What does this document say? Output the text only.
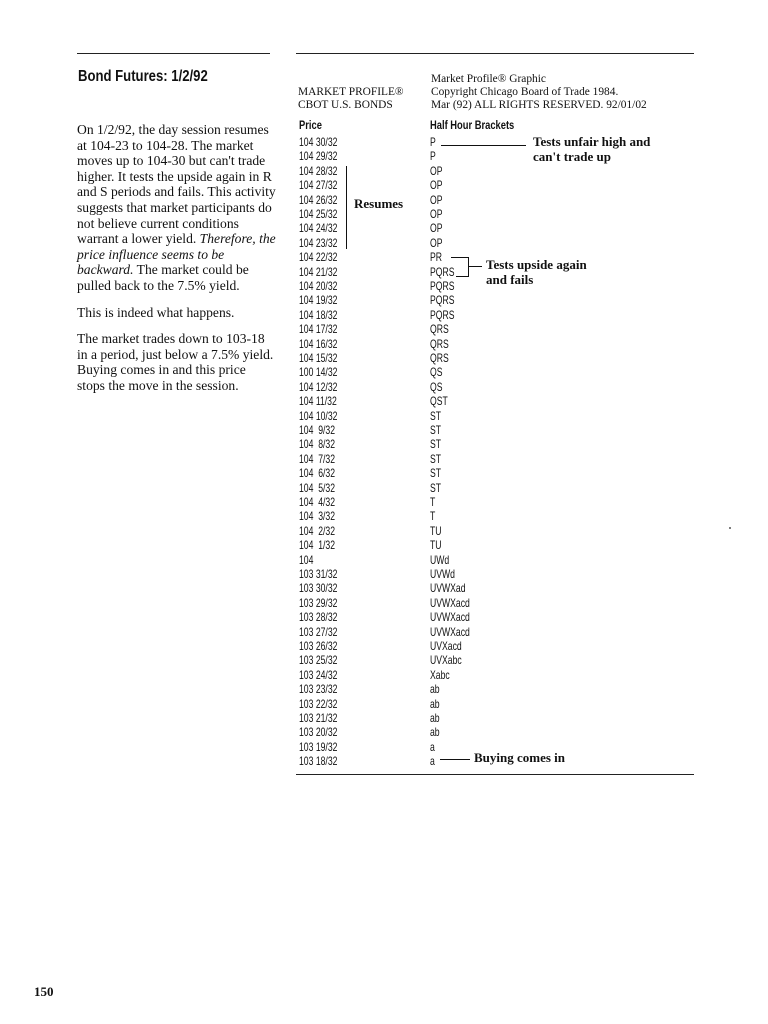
Bond Futures: 1/2/92

On 1/2/92, the day session resumes at 104-23 to 104-28. The market moves up to 104-30 but can't trade higher. It tests the upside again in R and S periods and fails. This activity suggests that market participants do not believe current conditions warrant a lower yield. Therefore, the price influence seems to be backward. The market could be pulled back to the 7.5% yield.

This is indeed what happens.

The market trades down to 103-18 in a period, just below a 7.5% yield. Buying comes in and this price stops the move in the session.

MARKET PROFILE®
CBOT U.S. BONDS
Market Profile® Graphic
Copyright Chicago Board of Trade 1984.
Mar (92) ALL RIGHTS RESERVED. 92/01/02
Price	Half Hour Brackets
104 30/32	P
104 29/32	P
104 28/32	OP
104 27/32	OP
104 26/32	OP
104 25/32	OP
104 24/32	OP
104 23/32	OP
104 22/32	PR
104 21/32	PQRS
104 20/32	PQRS
104 19/32	PQRS
104 18/32	PQRS
104 17/32	QRS
104 16/32	QRS
104 15/32	QRS
100 14/32	QS
104 12/32	QS
104 11/32	QST
104 10/32	ST
104  9/32	ST
104  8/32	ST
104  7/32	ST
104  6/32	ST
104  5/32	ST
104  4/32	T
104  3/32	T
104  2/32	TU
104  1/32	TU
104	UWd
103 31/32	UVWd
103 30/32	UVWXad
103 29/32	UVWXacd
103 28/32	UVWXacd
103 27/32	UVWXacd
103 26/32	UVXacd
103 25/32	UVXabc
103 24/32	Xabc
103 23/32	ab
103 22/32	ab
103 21/32	ab
103 20/32	ab
103 19/32	a
103 18/32	a
Resumes
Tests unfair high and
can't trade up
Tests upside again
and fails
Buying comes in
150
